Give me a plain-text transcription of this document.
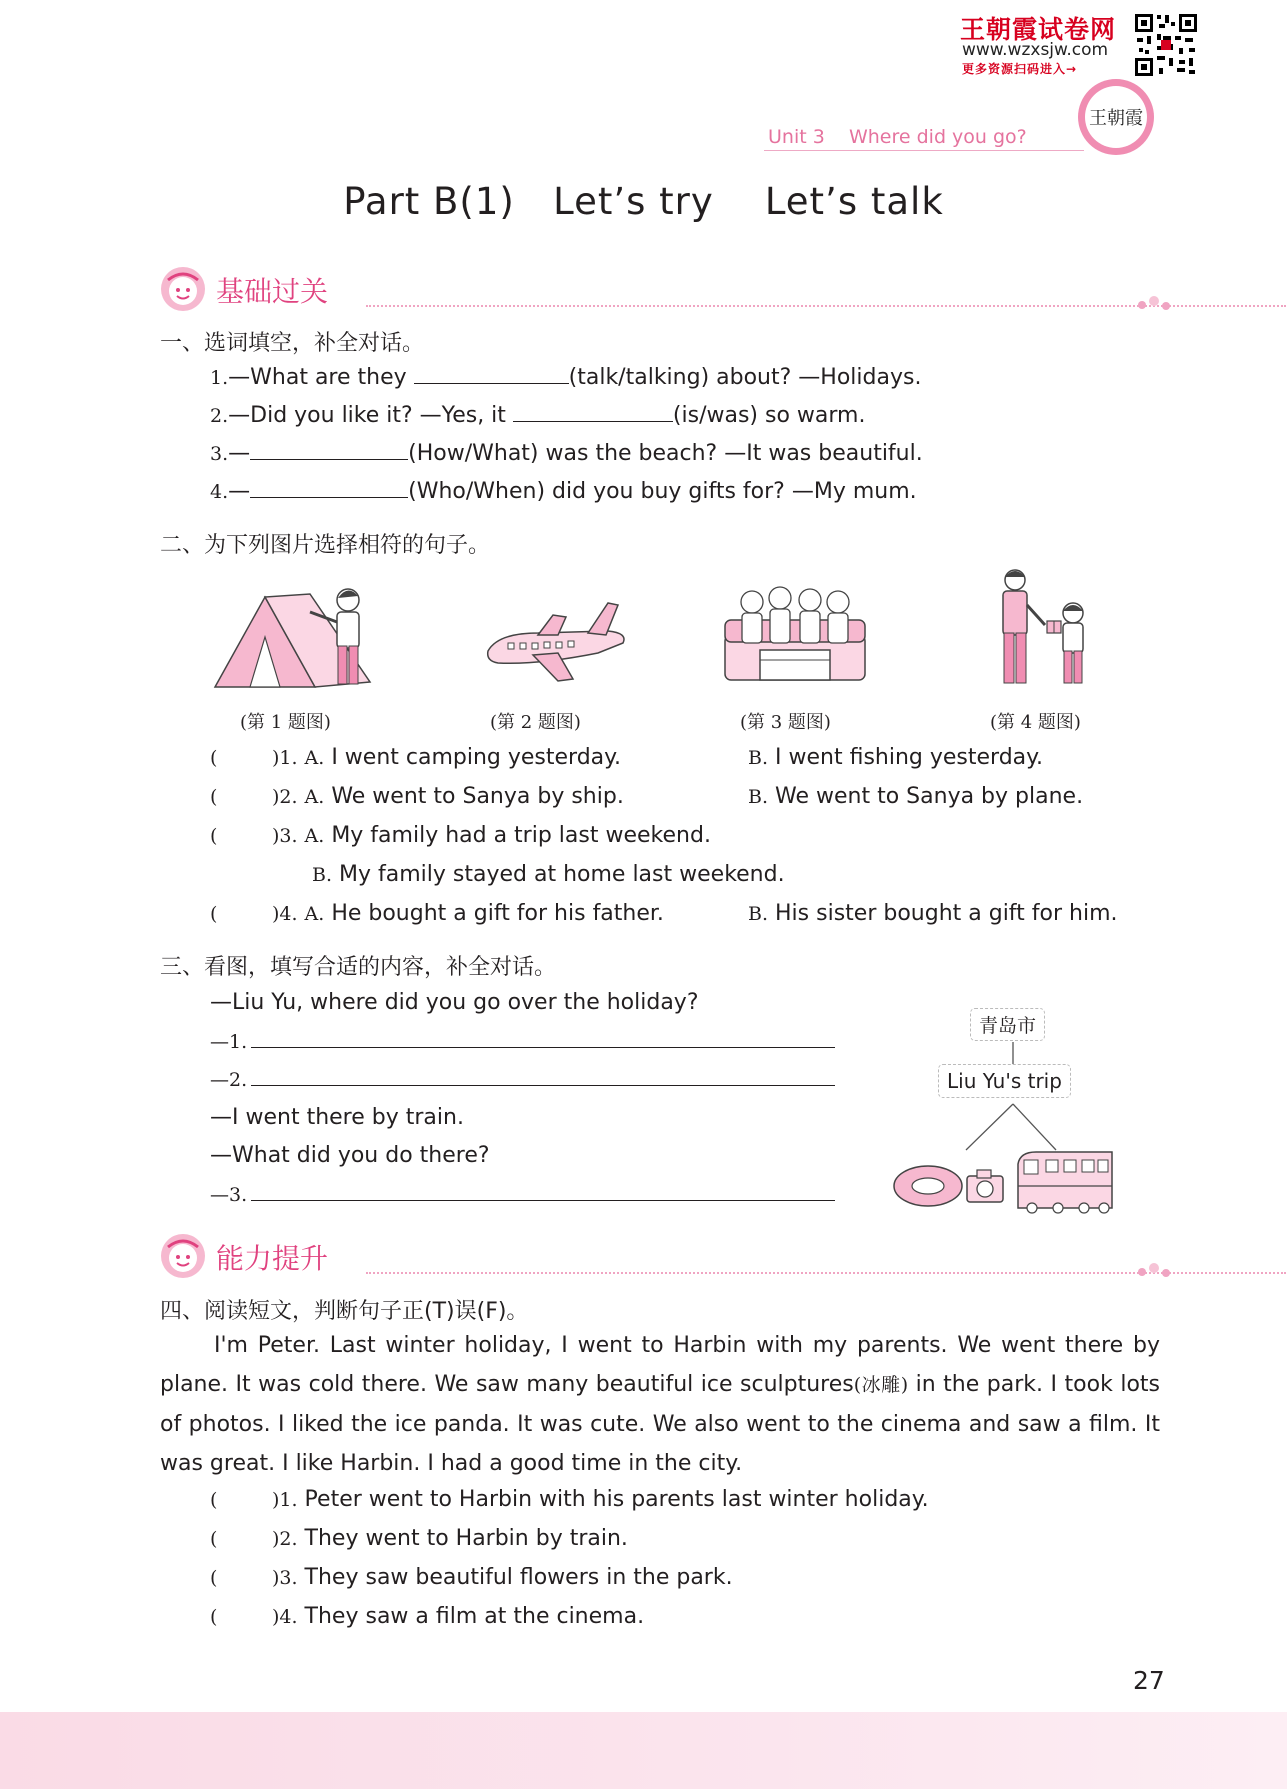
王朝霞试卷网
www.wzxsjw.com
更多资源扫码进入→
王朝霞
Unit 3    Where did you go?
Part B(1)   Let’s try    Let’s talk
基础过关
一、选词填空，补全对话。
1.—What are they	(talk/talking) about? —Holidays.
2.—Did you like it? —Yes, it	(is/was) so warm.
3.—	(How/What) was the beach? —It was beautiful.
4.—	(Who/When) did you buy gifts for? —My mum.
二、为下列图片选择相符的句子。
(第 1 题图)	(第 2 题图)	(第 3 题图)	(第 4 题图)
(	)1. A. I went camping yesterday.	B. I went fishing yesterday.
(	)2. A. We went to Sanya by ship.	B. We went to Sanya by plane.
(	)3. A. My family had a trip last weekend.
B. My family stayed at home last weekend.
(	)4. A. He bought a gift for his father.	B. His sister bought a gift for him.
三、看图，填写合适的内容，补全对话。
—Liu Yu, where did you go over the holiday?
—1.
—2.
—I went there by train.
—What did you do there?
—3.
青岛市
Liu Yu's trip
能力提升
四、阅读短文，判断句子正(T)误(F)。
I'm Peter. Last winter holiday, I went to Harbin with my parents. We went there by plane. It was cold there. We saw many beautiful ice sculptures(冰雕) in the park. I took lots of photos. I liked the ice panda. It was cute. We also went to the cinema and saw a film. It was great. I like Harbin. I had a good time in the city.
(	)1. Peter went to Harbin with his parents last winter holiday.
(	)2. They went to Harbin by train.
(	)3. They saw beautiful flowers in the park.
(	)4. They saw a film at the cinema.
27
